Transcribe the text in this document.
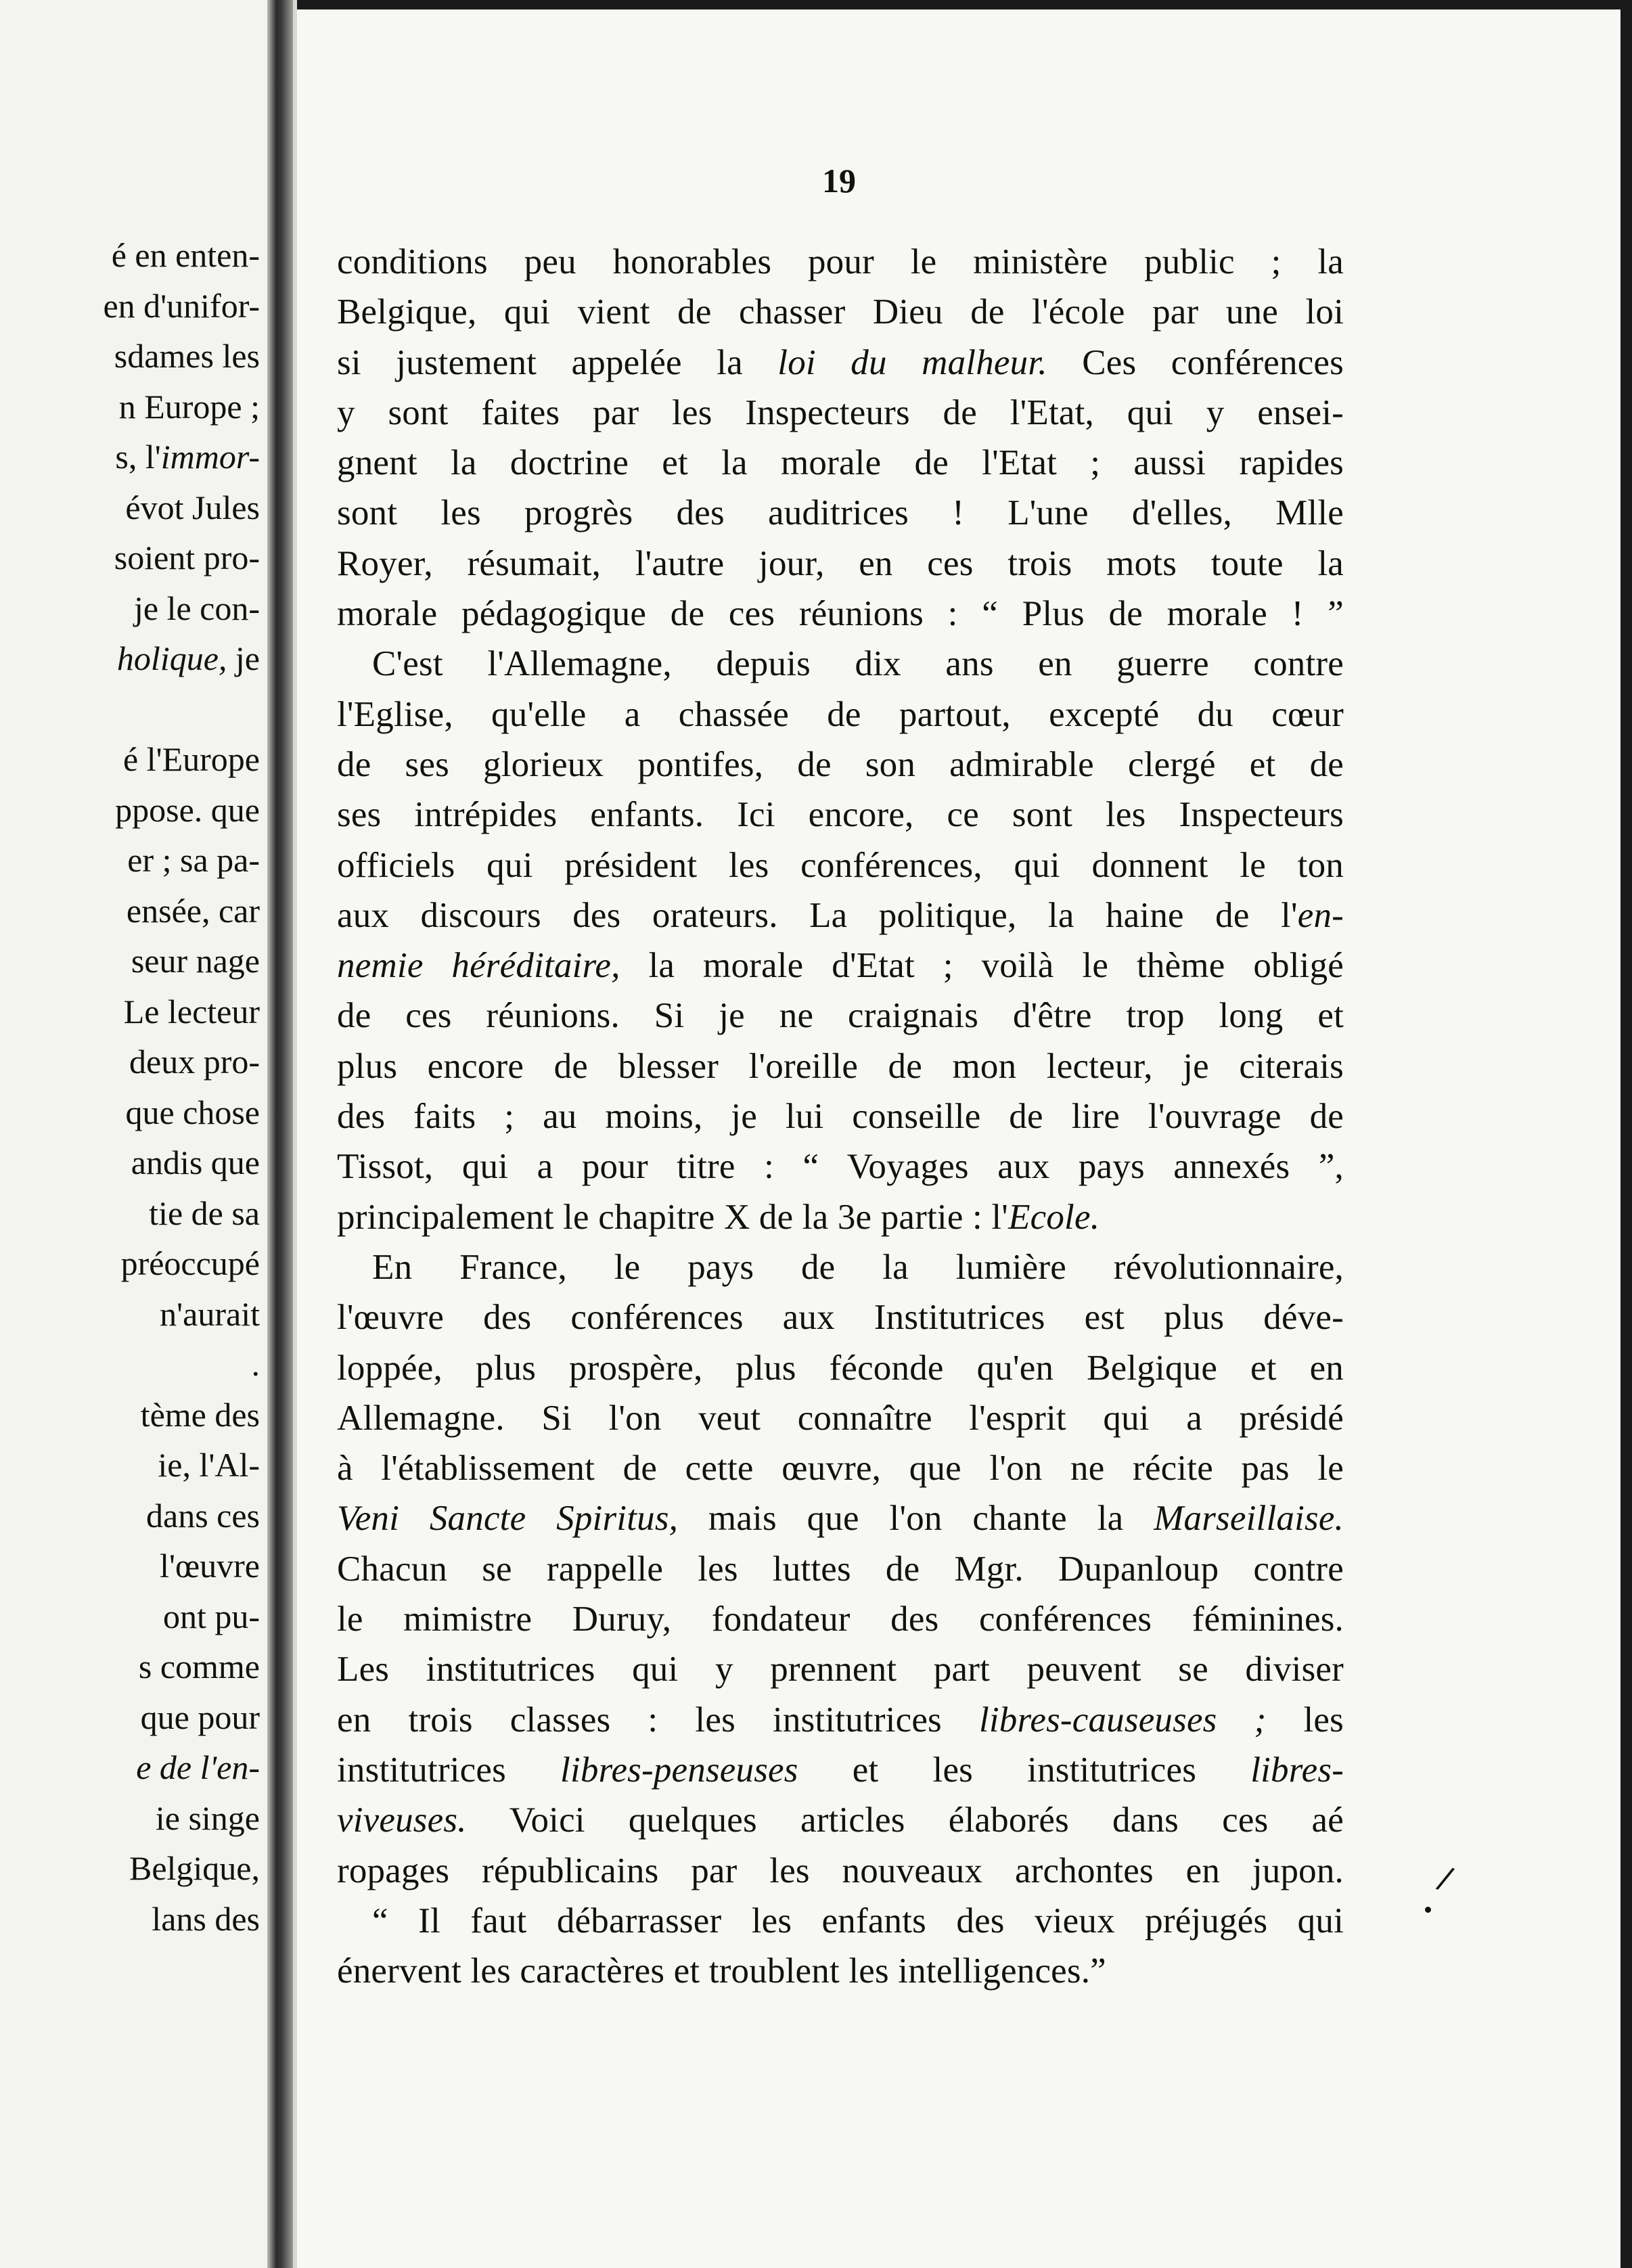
é en enten-
en d'unifor-
sdames les
n Europe ;
s, l'immor-
évot Jules
soient pro-
je le con-
holique, je
é l'Europe
ppose. que
er ; sa pa-
ensée, car
seur nage
Le lecteur
deux pro-
que chose
andis que
tie de sa
préoccupé
n'aurait
.
tème des
ie, l'Al-
dans ces
l'œuvre
ont pu-
s comme
que pour
e de l'en-
ie singe
Belgique,
lans des
19
conditions peu honorables pour le ministère public ; la
Belgique, qui vient de chasser Dieu de l'école par une loi
si justement appelée la loi du malheur. Ces conférences
y sont faites par les Inspecteurs de l'Etat, qui y ensei-
gnent la doctrine et la morale de l'Etat ; aussi rapides
sont les progrès des auditrices ! L'une d'elles, Mlle
Royer, résumait, l'autre jour, en ces trois mots toute la
morale pédagogique de ces réunions : “ Plus de morale ! ”
C'est l'Allemagne, depuis dix ans en guerre contre
l'Eglise, qu'elle a chassée de partout, excepté du cœur
de ses glorieux pontifes, de son admirable clergé et de
ses intrépides enfants. Ici encore, ce sont les Inspecteurs
officiels qui président les conférences, qui donnent le ton
aux discours des orateurs. La politique, la haine de l'en-
nemie héréditaire, la morale d'Etat ; voilà le thème obligé
de ces réunions. Si je ne craignais d'être trop long et
plus encore de blesser l'oreille de mon lecteur, je citerais
des faits ; au moins, je lui conseille de lire l'ouvrage de
Tissot, qui a pour titre : “ Voyages aux pays annexés ”,
principalement le chapitre X de la 3e partie : l'Ecole.
En France, le pays de la lumière révolutionnaire,
l'œuvre des conférences aux Institutrices est plus déve-
loppée, plus prospère, plus féconde qu'en Belgique et en
Allemagne. Si l'on veut connaître l'esprit qui a présidé
à l'établissement de cette œuvre, que l'on ne récite pas le
Veni Sancte Spiritus, mais que l'on chante la Marseillaise.
Chacun se rappelle les luttes de Mgr. Dupanloup contre
le mimistre Duruy, fondateur des conférences féminines.
Les institutrices qui y prennent part peuvent se diviser
en trois classes : les institutrices libres-causeuses ; les
institutrices libres-penseuses et les institutrices libres-
viveuses. Voici quelques articles élaborés dans ces aé
ropages républicains par les nouveaux archontes en jupon.
“ Il faut débarrasser les enfants des vieux préjugés qui
énervent les caractères et troublent les intelligences.”
/
